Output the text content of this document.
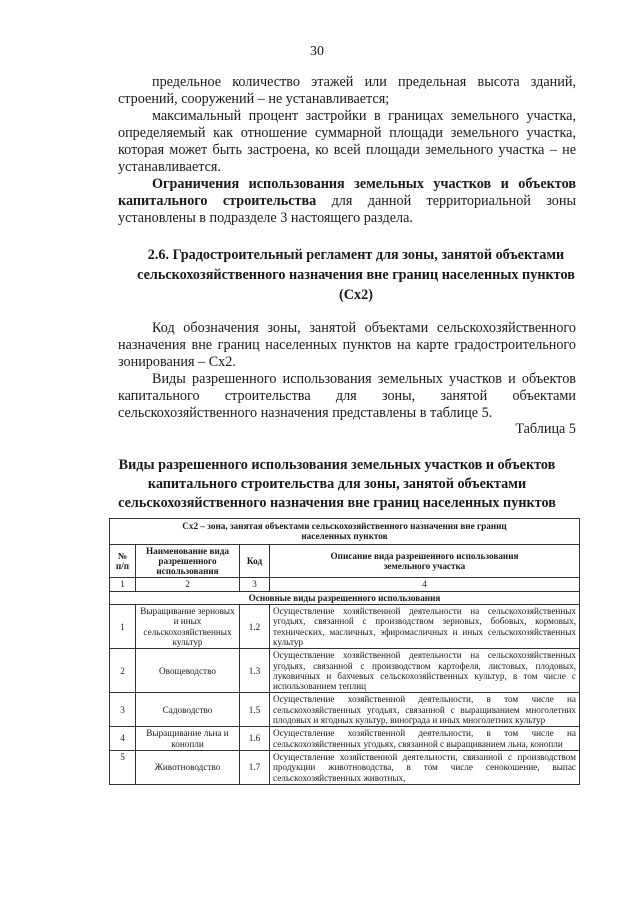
30

предельное количество этажей или предельная высота зданий, строений, сооружений – не устанавливается;

максимальный процент застройки в границах земельного участка, определяемый как отношение суммарной площади земельного участка, которая может быть застроена, ко всей площади земельного участка – не устанавливается.

Ограничения использования земельных участков и объектов капитального строительства для данной территориальной зоны установлены в подразделе 3 настоящего раздела.

2.6. Градостроительный регламент для зоны, занятой объектами сельскохозяйственного назначения вне границ населенных пунктов (Сх2)

Код обозначения зоны, занятой объектами сельскохозяйственного назначения вне границ населенных пунктов на карте градостроительного зонирования – Сх2.

Виды разрешенного использования земельных участков и объектов капитального строительства для зоны, занятой объектами сельскохозяйственного назначения представлены в таблице 5.

Таблица 5
Виды разрешенного использования земельных участков и объектов капитального строительства для зоны, занятой объектами сельскохозяйственного назначения вне границ населенных пунктов
Сх2 – зона, занятая объектами сельскохозяйственного назначения вне границ населенных пунктов			
№ п/п	Наименование вида разрешенного использования	Код	Описание вида разрешенного использования земельного участка
1	2	3	4
Основные виды разрешенного использования			
1	Выращивание зерновых и иных сельскохозяйственных культур	1.2	Осуществление хозяйственной деятельности на сельскохозяйственных угодьях, связанной с производством зерновых, бобовых, кормовых, технических, масличных, эфиромасличных и иных сельскохозяйственных культур
2	Овощеводство	1.3	Осуществление хозяйственной деятельности на сельскохозяйственных угодьях, связанной с производством картофеля, листовых, плодовых, луковичных и бахчевых сельскохозяйственных культур, в том числе с использованием теплиц
3	Садоводство	1.5	Осуществление хозяйственной деятельности, в том числе на сельскохозяйственных угодьях, связанной с выращиванием многолетних плодовых и ягодных культур, винограда и иных многолетних культур
4	Выращивание льна и конопли	1.6	Осуществление хозяйственной деятельности, в том числе на сельскохозяйственных угодьях, связанной с выращиванием льна, конопли
5	Животноводство	1.7	Осуществление хозяйственной деятельности, связанной с производством продукции животноводства, в том числе сенокошение, выпас сельскохозяйственных животных,
